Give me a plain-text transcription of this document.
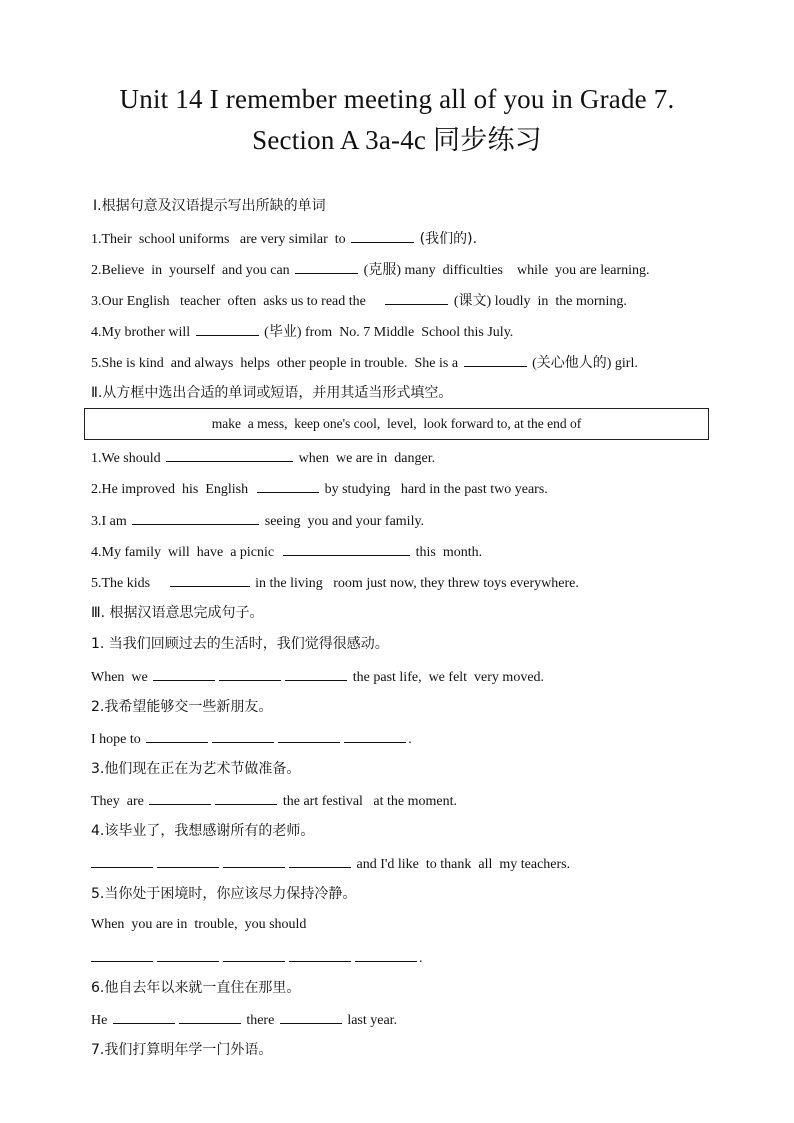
Unit 14 I remember meeting all of you in Grade 7.
Section A 3a-4c 同步练习
Ⅰ.根据句意及汉语提示写出所缺的单词
1.Their  school uniforms   are very similar  to	(我们的).
2.Believe  in  yourself  and you can	(克服) many  difficulties    while  you are learning.
3.Our English   teacher  often  asks us to read the	(课文) loudly  in  the morning.
4.My brother will	(毕业) from  No. 7 Middle  School this July.
5.She is kind  and always  helps  other people in trouble.  She is a	(关心他人的) girl.
Ⅱ.从方框中选出合适的单词或短语，并用其适当形式填空。
make  a mess,  keep one's cool,  level,  look forward to, at the end of
1.We should	when  we are in  danger.
2.He improved  his  English	by studying   hard in the past two years.
3.I am	seeing  you and your family.
4.My family  will  have  a picnic	this  month.
5.The kids	in the living   room just now, they threw toys everywhere.
Ⅲ. 根据汉语意思完成句子。
1. 当我们回顾过去的生活时，我们觉得很感动。
When  we	the past life,  we felt  very moved.
2.我希望能够交一些新朋友。
I hope to	.
3.他们现在正在为艺术节做准备。
They  are	the art festival   at the moment.
4.该毕业了，我想感谢所有的老师。
and I'd like  to thank  all  my teachers.
5.当你处于困境时，你应该尽力保持冷静。
When  you are in  trouble,  you should
.
6.他自去年以来就一直住在那里。
He	there	last year.
7.我们打算明年学一门外语。
